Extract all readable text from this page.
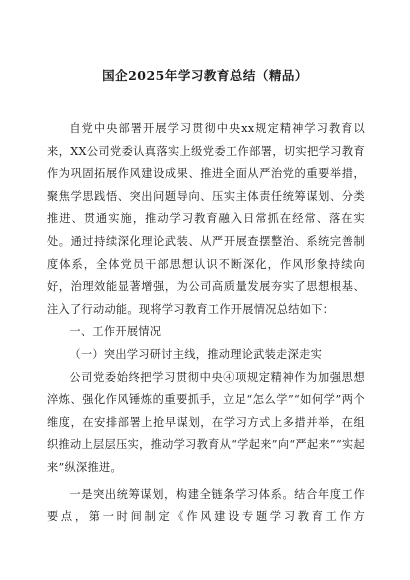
国企2025年学习教育总结（精品）

自党中央部署开展学习贯彻中央xx规定精神学习教育以来，XX公司党委认真落实上级党委工作部署，切实把学习教育作为巩固拓展作风建设成果、推进全面从严治党的重要举措，聚焦学思践悟、突出问题导向、压实主体责任统筹谋划、分类推进、贯通实施，推动学习教育融入日常抓在经常、落在实处。通过持续深化理论武装、从严开展查摆整治、系统完善制度体系，全体党员干部思想认识不断深化，作风形象持续向好，治理效能显著增强，为公司高质量发展夯实了思想根基、注入了行动动能。现将学习教育工作开展情况总结如下：

一、工作开展情况

（一）突出学习研讨主线，推动理论武装走深走实

公司党委始终把学习贯彻中央④项规定精神作为加强思想淬炼、强化作风锤炼的重要抓手，立足“怎么学”“如何学”两个维度，在安排部署上抢早谋划，在学习方式上多措并举，在组织推动上层层压实，推动学习教育从“学起来”向“严起来”“实起来”纵深推进。

一是突出统筹谋划，构建全链条学习体系。结合年度工作要点，第一时间制定《作风建设专题学习教育工作方
